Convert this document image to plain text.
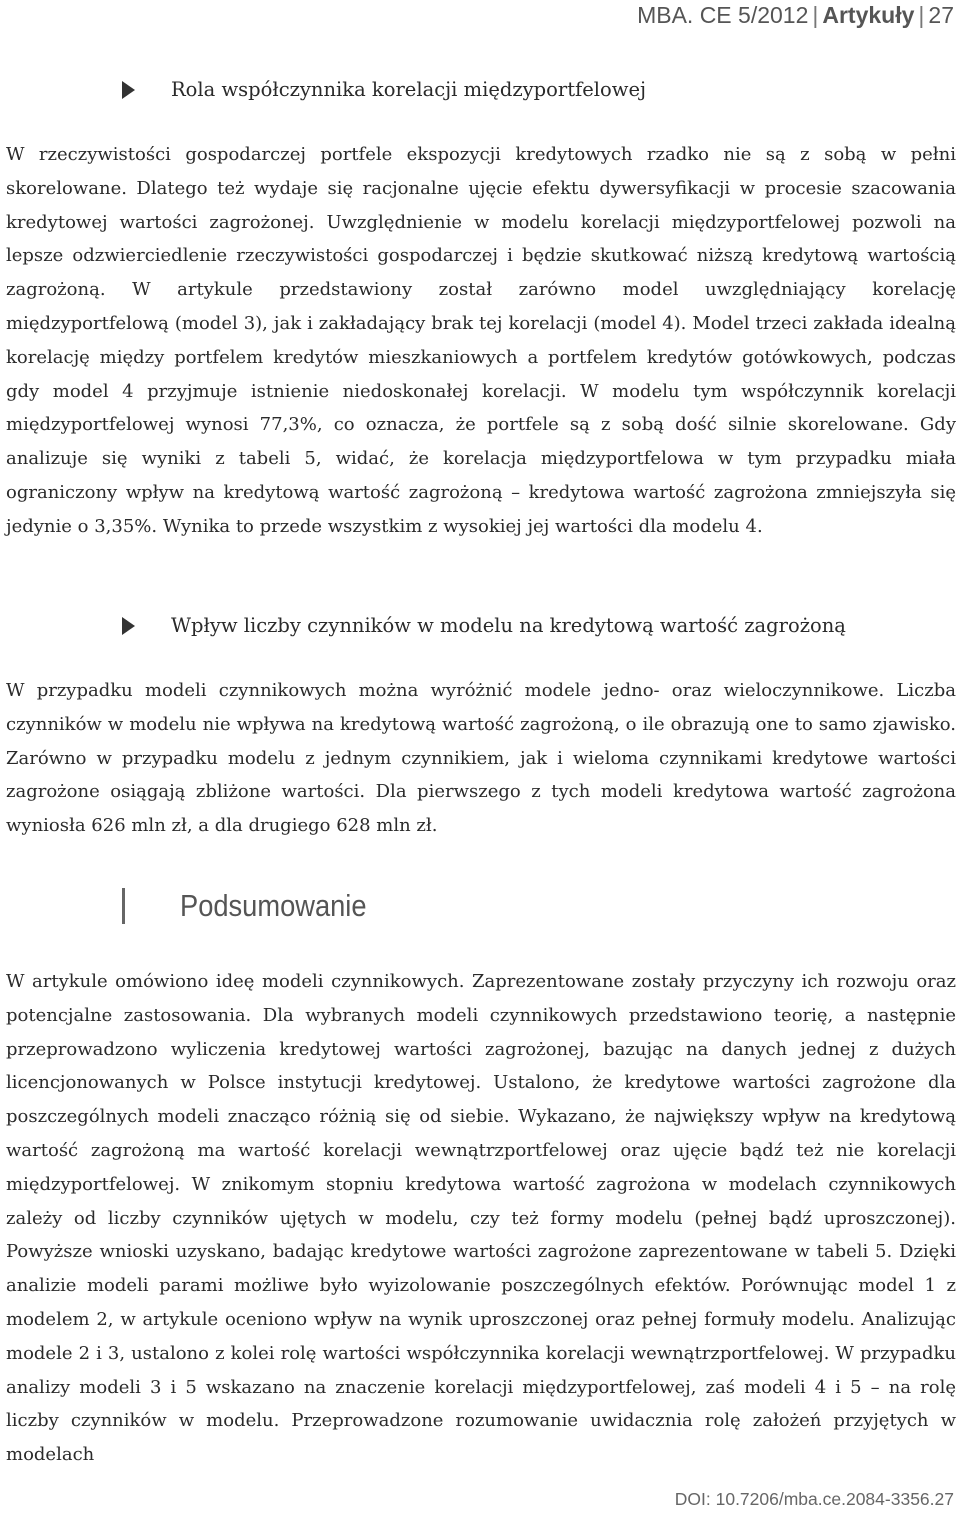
MBA. CE 5/2012 | Artykuły | 27
Rola współczynnika korelacji międzyportfelowej

W rzeczywistości gospodarczej portfele ekspozycji kredytowych rzadko nie są z sobą w pełni skorelowane. Dlatego też wydaje się racjonalne ujęcie efektu dywersyfikacji w procesie szacowania kredytowej wartości zagrożonej. Uwzględnienie w modelu korelacji międzyportfelowej pozwoli na lepsze odzwierciedlenie rzeczywistości gospodarczej i będzie skutkować niższą kredytową wartością zagrożoną. W artykule przedstawiony został zarówno model uwzględniający korelację międzyportfelową (model 3), jak i zakładający brak tej korelacji (model 4). Model trzeci zakłada idealną korelację między portfelem kredytów mieszkaniowych a portfelem kredytów gotówkowych, podczas gdy model 4 przyjmuje istnienie niedoskonałej korelacji. W modelu tym współczynnik korelacji międzyportfelowej wynosi 77,3%, co oznacza, że portfele są z sobą dość silnie skorelowane. Gdy analizuje się wyniki z tabeli 5, widać, że korelacja międzyportfelowa w tym przypadku miała ograniczony wpływ na kredytową wartość zagrożoną – kredytowa wartość zagrożona zmniejszyła się jedynie o 3,35%. Wynika to przede wszystkim z wysokiej jej wartości dla modelu 4.

Wpływ liczby czynników w modelu na kredytową wartość zagrożoną

W przypadku modeli czynnikowych można wyróżnić modele jedno- oraz wieloczynnikowe. Liczba czynników w modelu nie wpływa na kredytową wartość zagrożoną, o ile obrazują one to samo zjawisko. Zarówno w przypadku modelu z jednym czynnikiem, jak i wieloma czynnikami kredytowe wartości zagrożone osiągają zbliżone wartości. Dla pierwszego z tych modeli kredytowa wartość zagrożona wyniosła 626 mln zł, a dla drugiego 628 mln zł.

Podsumowanie

W artykule omówiono ideę modeli czynnikowych. Zaprezentowane zostały przyczyny ich rozwoju oraz potencjalne zastosowania. Dla wybranych modeli czynnikowych przedstawiono teorię, a następnie przeprowadzono wyliczenia kredytowej wartości zagrożonej, bazując na danych jednej z dużych licencjonowanych w Polsce instytucji kredytowej. Ustalono, że kredytowe wartości zagrożone dla poszczególnych modeli znacząco różnią się od siebie. Wykazano, że największy wpływ na kredytową wartość zagrożoną ma wartość korelacji wewnątrzportfelowej oraz ujęcie bądź też nie korelacji międzyportfelowej. W znikomym stopniu kredytowa wartość zagrożona w modelach czynnikowych zależy od liczby czynników ujętych w modelu, czy też formy modelu (pełnej bądź uproszczonej). Powyższe wnioski uzyskano, badając kredytowe wartości zagrożone zaprezentowane w tabeli 5. Dzięki analizie modeli parami możliwe było wyizolowanie poszczególnych efektów. Porównując model 1 z modelem 2, w artykule oceniono wpływ na wynik uproszczonej oraz pełnej formuły modelu. Analizując modele 2 i 3, ustalono z kolei rolę wartości współczynnika korelacji wewnątrzportfelowej. W przypadku analizy modeli 3 i 5 wskazano na znaczenie korelacji międzyportfelowej, zaś modeli 4 i 5 – na rolę liczby czynników w modelu. Przeprowadzone rozumowanie uwidacznia rolę założeń przyjętych w modelach

DOI: 10.7206/mba.ce.2084-3356.27
